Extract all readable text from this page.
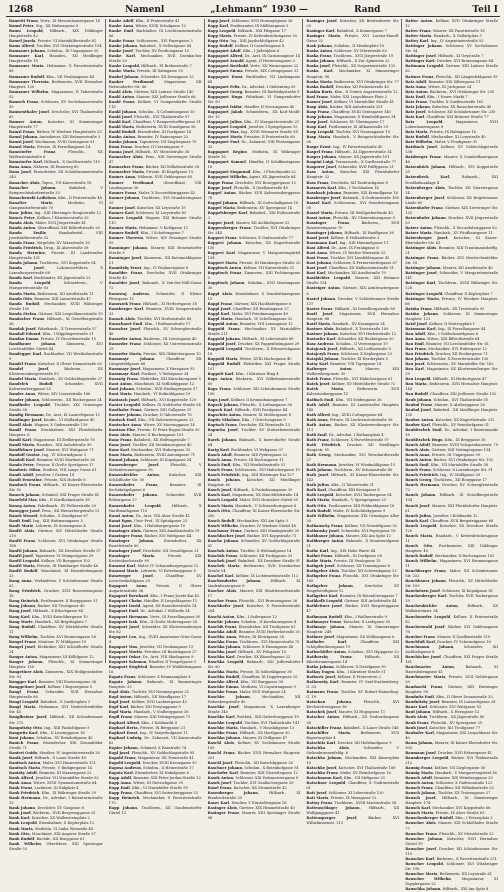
1268	Namenl	„Lehmann“ 1930 —	Rand	Teil I

Rametti Franz, Vertr., XI Messenhausergasse 14

Ramsl Peter, Stg., XX Hafnergasse 9

Ramu Leopold, Hilfsarb., XIX Döblinger Hauptstraße 82

Ramel Josefa, Private, VI Mariahilferstraße 61

Rams Alfred, Tischler, XVI Ottakringerstraße 104

Ramsauer Johann, Schuhm., III Ungargasse 35

Ramsauer Karl, Hausbes., XII Meidlinger Hauptstraße 18

Ramsauer Maria, Hebamme, X Favoritenstraße 88

Ramsauer Rudolf, Kfm., VII Neubaugasse 44

Ramsauer Theresia, Bedienerin, XVII Hernalser Hauptstr. 120

Ramsauer Wilhelm, Magazineur, II Taborstraße 52

Ramsch Franz, Schlosser, XV Sechshauserstraße 30

Ramsenthaler Josef, Drechsler, XVI Thaliastraße 62

Ramser Anton, Kutscher, XI Simmeringer Hauptstraße 77

Ramsl Franz, Bäcker, IV Wiedner Hauptstraße 25

Ramsl Johann, Amtsdiener, XXI Brünnerstraße 3

Ramsl Josef, Wachmann, XVIII Gentzgasse 91

Ramsl Maria, Private, IX Porzellangasse 14

Ramstorfer Franz, Fleischh., XX Wallensteinstraße 8

Ramstorfer Karl, Hilfsarb., X Quellenstraße 110

Rana Anna, Näherin, III Rennweg 60

Rana Josef, Eisendreher, XII Schönbrunnerstraße 240

Ranacher Alois, Tapez., VII Kaiserstraße 18

Ranacher Johann, Bahnbed., V Reinprechtsdorferstraße 33

Ranachowski Ladislaus, Kfm., II Praterstraße 48

Ranalter Marie, Modistin, VI Gumpendorferstraße 70

Ranc Julius, Ing., XIII Hietzinger Hauptstraße 12

Rancic Peter, Kellner, I Kärntnerstraße 29

Randa Alois, Maler, XVII Jörgerstraße 41

Randa Anton, Oberoffizial, XIX Billrothstraße 28

Randa Emilie, Handarbeitsl., VIII Josefstädterstraße 52

Randa Franz, Vergolder, XV Märzstraße 16

Randa Friedrich, Drog., IX Alserstraße 39

Randa Hermine, Private, III Landstraßer Hauptstraße 101

Randa Johann, Tischlerm., XVI Koppstraße 54

Randa Josef, Lokomotivführer, X Laxenburgerstraße 68

Randa Karl, Buchbinder, XX Jägerstraße 22

Randa Leopold, Schneiderm., V Margaretenstraße 93

Randa Maria, Bedienerin, XII Arndtstraße 11

Randa Otto, Beamter, XIII Lainzerstraße 47

Randa Rudolf, Mechaniker, XVIII Währinger Straße 150

Randa Stefan, Gärtner, XXI Leopoldauerstraße 19

Randacher Franz, Hilfsarb., XI Geiselbergstraße 36

Randak Josef, Fabriksarb., X Triesterstraße 57

Randall Eduard, Kfm., I Wipplingerstraße 21

Randau Emma, Private, IV Favoritenstraße 15

Randbauer Johann, Zimmerm., XVI Lerchenfelder Gürtel 44

Randegger Karl, Buchhalter, VII Westbahnstraße 9

Randel Franz, Kutscher, II Obere Donaustraße 63

Randel Josef, Bäckerm., XX Klosterneuburgerstraße 80

Randel Maria, Handarb., XV Goldschlagstraße 27

Randeleh Rudolf, Schneider, XVII Kalvarienberggasse 33

Rander Anna, Witwe, XIV Linzerstraße 166

Rander Johann, Schlosserm., XII Ruckergasse 24

Randhofer Leopold, Tischler, XIX Grinzinger Straße 58

Randig Hermann, Dr., Arzt, IX Lazarettgasse 12

Randinger Josef, Kaufm., VI Mollardgasse 40

Randl Alois, Wagner, X Gudrunstraße 139

Randl Franz, Eisenbahner, XXI Floridsdorfer Hauptstr. 6

Randl Karl, Magazineur, III Erdbergstraße 78

Randl Maria, Hausbes., XIII Auhofstraße 90

Randlehner Josef, Maurer, XVI Wattgasse 71

Randolf Gustav, Ing., IV Schwindgasse 3

Randoll Karl, Beamter, XVIII Martinstraße 26

Rando Peter, Friseur, II Große Sperlgasse 17

Randovic Milan, Student, VIII Lange Gasse 61

Randt Adolf, Juwelier, I Graben 14

Randt Ernestine, Private, XIX Hofzeile 8

Randuch Franz, Hilfsarb., XI Kaiser-Ebersdorfer Str. 92

Ranech Johann, Schmied, XXI Prager Straße 45

Ranefeld Max, Kfm., II Nordbahnstraße 38

Raneg Anton, Fabriksarb., XV Felberstraße 20

Ranegger Josef, Pens., XII Wienerbergstraße 13

Ranek Wenzel, Schuhm., X Davidgasse 67

Ranft Emil, Ing., XIII Wattmanngasse 5

Ranft Marie, Lehrerin, IX Sensengasse 4

Ranftl Alois, Gärtner, XIV Hütteldorfer Straße 210

Ranftl Franz, Schlosser, XVI Ottakringer Straße 188

Ranftl Johann, Bahnarb., XX Dresdner Straße 57

Ranftl Josef, Tapezierer, VI Stumpergasse 29

Ranftl Leopold, Kellner, VII Burggasse 102

Ranftl Maria, Private, III Hainburger Straße 46

Ranftl Rudolf, Maschinist, XI Hasenleitengasse 23

Rang Anna, Verkäuferin, V Schönbrunner Straße 62

Rang Friedrich, Drucker, XVII Rosensteingasse 18

Rang Heinrich, Postbeamter, II Rueppgasse 31

Rang Johann, Bäcker, XII Tivoligasse 40

Rang Josef, Hilfsarb., X Erlachgasse 84

Rang Karl, Kfm., XVIII Kutschkergasse 10

Rang Marie, Handarb., XX Brigittaplatz 7

Rang Rudolf, Chauffeur, XV Hütteldorfer Straße 11

Rang Wilhelm, Tischler, XVI Brunnengasse 58

Rangel Franz, Monteur, IV Mühlgasse 19

Rangel Josef, Elektriker, XXI Schloßhofer Straße 24

Ranger Anton, Magazineur, III Kölblgasse 12

Ranger Johann, Fleischh., XI Simmeringer Hauptstr. 150

Rangetiner Alois, Zimmerm., XIX Heiligenstädter Str. 93

Rangger Karl, Beamter, VIII Piaristengasse 36

Ranggetiner Josef, Kellner, I Bognergasse 5

Rangl Franz, Schneider, XVII Hernalser Hauptstraße 66

Rangl Leopold, Bahnbed., X Quellenplatz 3

Rangl Maria, Hebamme, XVI Neulerchenfelder Str. 45

Ranglheiner Josef, Hilfsarb., XII Schönbrunner Str. 272

Rangnitzky Otto, Ing., XIII Fasholdgasse 9

Rangwitz Karl, Kfm., II Lessinggasse 16

Rani Johann, Schuhm., XV Reindorfgasse 40

Ranich Franz, Eisendreher, XXI Donaufelder Straße 71

Ranieri Guido, Musiker, IV Argentinierstraße 28

Ranik Josef, Hilfsarb., X Laaer Straße 49

Ranitsch Anton, Maler, XVI Hasnerstraße 121

Ranitsch Maria, Private, V Rüdigergasse 14

Ranizky Adolf, Beamter, III Marxergasse 22

Rank Alfred, Juwelier, VII Mariahilfer Straße 82

Rank Anna, Witwe, XVIII Gymnasiumstraße 64

Rank Franz, Lackierer, XI Enkplatz 4

Rank Friedrich, Kfm., IX Währinger Straße 29

Rank Hermann, Dr., Advokat, I Rotenturmstraße 13

Rank Johann, Drechsler, XV Gasgasse 8

Rank Josef, Bäckerm., XVII Bergsteiggasse 25

Rank Karl, Kutscher, XX Wallensteinplatz 2

Rank Leopold, Eisenbahner, X Keplerplatz 12

Rank Maria, Modistin, VI Linke Wienzeile 48

Rank Otto, Maschinist, XXI Angerer Straße 37

Rank Rudolf, Buchdr., XII Bonygasse 61

Rank Wilhelm, Oberlehrer, XIII Speisinger Straße 53

Ranke Adolf, Kfm., II Praterstraße 41

Ranke Anna, Witwe, XVIII Schulgasse 12

Ranke Emil, Buchhalter, IX Liechtensteinstraße 66

Ranke Franz, Schlosserm., XVI Payergasse 3

Ranke Johann, Bahnbed., X Gellertgasse 44

Ranke Josef, Tischler, XV Pouthongasse 10

Ranke Karl, Mechaniker, XVII Dornbacher Straße 29

Ranke Leopold, Hilfsarb., XI Brehmstraße 7

Ranke Maria, Private, III Salmgasse 20

Rankel Johann, Schneider, XX Denisgasse 33

Ranker Ferdinand, Magazineur, XII Hetzendorfer Str. 86

Rankl Alois, Gärtner, XIII Lainzer Straße 140

Rankl Anton, Maurer, XXI Jedleseer Straße 66

Rankl Franz, Kellner, VI Gumpendorfer Straße 118

Rankl Johann, Schuhm., X Columbusgasse 50

Rankl Josef, Fleischh., XVI Thaliastraße 97

Rankl Karl, Chauffeur, V Ramperstorffergasse 31

Rankl Maria, Bedienerin, XVIII Staudgasse 56

Rankl Rudolf, Eisendreher, XI Dorfgasse 14

Ranko Anton, Beamter, IV Rainergasse 22

Ranko Johann, Tapezierer, VII Zieglergasse 70

Rann Franz, Drucker, II Czerningasse 9

Ranna Josef, Hilfsarb., XV Meiselstraße 38

Rannacher Alois, Pens., XIX Sieveringer Straße 47

Rannacher Franz, Bäcker, XII Wilhelmstraße 28

Rannacher Maria, Private, III Kegelgasse 15

Ranner Anna, Näherin, XVII Geblergasse 60

Ranner Ferdinand, Oberoffizial, VIII Laudongasse 26

Ranner Franz, Maler, X Siccardsburggasse 42

Ranner Johann, Tischlerm., XVI Grundsteingasse 35

Ranner Josef, Kutscher, XX Leystraße 19

Ranner Karl, Schlosser, XI Lorystraße 83

Ranner Leopold, Wagner, XXI Brünner Straße 110

Ranner Maria, Hebamme, V Kohlgasse 13

Ranner Rudolf, Kfm., I Schottengasse 7

Ranner Theresia, Witwe, XIV Penzinger Straße 55

Ranninger Johann, Maurer, XIII Hetzendorfer Straße 9

Ranninger Josef, Zimmerm., XII Rotenmühlgasse 21

Rannitzky Ernst, Ing., IV Paulanergasse 6

Ranolder Franz, Drechsler, XVII Ottakringer Straße 40

Ranolder Josef, Bahnarb., X Van-der-Nüll-Gasse 72

Ranostaj Andreas, Schneider, II Kleine Pfarrgasse 11

Ranoszek Franz, Hilfsarb., XI Herbortgasse 18

Ransberger Karl, Beamter, XVIII Semperstraße 33

Ransch Alois, Tischler, XVI Herbststraße 88

Ranschaert Emil, Kfm., I Rathausstraße 17

Ranscher Josef, Fleischh., XV Schweglerstraße 46

Ranseder Anton, Bäckerm., III Löwengasse 40

Ranseder Franz, Schlosser, XX Universumstraße 29

Ranseder Maria, Private, XIX Obkirchergasse 10

Ransmayr Johann, Chauffeur, XII Längenfeldgasse 68

Ransmayr Josef, Magazineur, X Herzgasse 92

Ransmayr Karl, Postbed., V Wehrgasse 24

Ransnig Franz, Elektriker, XXI Kürschnergasse 5

Rant Anton, Maschinist, XI Sedlitzkygasse 12

Rant Johann, Schuhm., XVII Haslingergasse 37

Rant Maria, Handarb., VI Hofmühlgasse 19

Rantasch Josef, Hilfsarb., XVI Koppstraße 120

Ranter Leopold, Kellner, IX Nußdorfer Straße 54

Ranthaler Franz, Gärtner, XIII Gallgasse 31

Rantner Johann, Drucker, II Taborstraße 76

Rantsch Emil, Kfm., VII Siebensterngasse 22

Rantscher Anna, Witwe, XV Moeringgasse 14

Rantzau Else, Private, IV Prinz-Eugen-Straße 30

Ranz Alois, Maurer, X Buchengasse 101

Ranz Franz, Bahnbed., XX Hellwagstraße 7

Ranz Josef, Tischler, XII Steinbauergasse 40

Ranz Karl, Mechaniker, XVI Hubergasse 33

Ranz Maria, Bedienerin, XVIII Antonigasse 71

Ranzal Johann, Schlosser, XI Kopalgasse 24

Ranzenberger Josef, Fleischh., V Siebenbrunnengasse 58

Ranzenbichler Anton, Kutscher, XXI Schloßhofer Str. 50

Ranzenhofer Franz, Beamter, III Sechskrügelgasse 6

Ranzenhofer Johann, Schneider, XVII Rötzergasse 27

Ranzenhofer Leopold, Hilfsarb., X Hardtmuthgasse 115

Ranzi Anton, Dr., Arzt, VIII Alser Straße 41

Ranzi Egon, Univ.-Prof., IX Spitalgasse 23

Ranzi Josef, Kfm., I Habsburgergasse 10

Ranzinger Alois, Gärtner, XIII Amalienstraße 19

Ranzinger Franz, Bäcker, XVI Wattgasse 44

Ranzinger Johann, Eisendreher, XX Pasettistraße 60

Ranzinger Josef, Drechsler, XII Oswaldgasse 21

Ranzinger Maria, Private, XIX Krottenbachstraße 90

Ranzoni Karl, Maler, IV Schaumburgergasse 12

Ranzoni Marie, Lehrerin, VI Esterhazygasse 8

Ranzweger Josef, Chauffeur, XV Loeschenkohlgasse 29

Rapaport Anna, Private, II Obere Augartenstraße 36

Rapaport Bernhard, Kfm., I Franz-Josefs-Kai 43

Rapaport Chaim, Händler, II Leopoldsgasse 11

Rapaport David, Agent, XX Rauscherstraße 14

Rapaport Emil, Dr., Advokat, I Wollzeile 24

Rapaport Hermann, Vertr., IX Porzellangasse 50

Rapaport Isak, Kfm., II Große Mohrengasse 28

Rapaport Josef, Schneider, XX Klosterneuburger Str. 62

Rapaport Leo, Ing., XVIII Anastasius-Grün-Gasse 4

Rapaport Max, Juwelier, VII Neubaugasse 19

Rapaport Moritz, Privatier, III Beatrixgasse 27

Rapaport Oskar, Dr., Arzt, VIII Skodagasse 9

Rapaport Salomon, Händler, II Tempelgasse 5

Rapaport Siegfried, Beamter, IV Wohllebengasse 16

Rapatz Franz, Schlosser, X Reumannplatz 8

Rapatz Johann, Bahnarb., XI Simmeringer Hauptstr. 33

Rapf Alois, Tischler, XVI Neumayrgasse 25

Rapf Anton, Hilfsarb., XII Mandlgasse 17

Rapf Josef, Kellner, XVII Lacknergasse 43

Rapf Karl, Bäcker, XXI Freytaggasse 9

Rapf Maria, Handarb., V Stolberggasse 36

Rapfl Franz, Maurer, XIII Veitingergasse 71

Raphael Alfred, Kfm., I Kohlmarkt 8

Raphael Berta, Private, IX Berggasse 21

Raphael Ernst, Ing., IV Mayerhofgasse 11

Raphael Ludwig, Dr., Zahnarzt, VII Kaiserstraße 62

Rapier Johann, Schmied, X Raxstraße 74

Rapl Josef, Fleischh., XV Goldschlagstraße 95

Rapold Franz, Magazineur, XX Treustraße 41

Rapold Leopold, Drucker, XVIII Kreuzgasse 30

Raposz Andreas, Schuhm., II Heinestraße 17

Rapotz Karl, Eisendreher, XI Hakelgasse 6

Rapp Adolf, Beamter, XIX Peter-Jordan-Straße 12

Rapp Anna, Witwe, III Dietrichgasse 39

Rapp Emil, Kfm., VI Mariahilfer Straße 99

Rapp Franz, Chauffeur, XVI Seitenberggasse 52

Rapp Heinrich, Mechaniker, X Favoritenstraße 170

Rapp Johann, Tischlerm., XII Gaudenzdorfer Gürtel 13

Rapp Josef, Schlosser, XVII Hormayrgasse 28

Rapp Karl, Postbeamter, IX Müllnergasse 5

Rapp Leopold, Hilfsarb., XXI Pilzgasse 17

Rapp Maria, Private, IV Kettenbrückengasse 20

Rapp Otto, Ing., XIII Jagdschloßgasse 42

Rapp Rudolf, Kellner, II Castellezgasse 8

Rappaport Adolf, Kfm., I Judenplatz 6

Rappaport Alfred, Dr., Arzt, IX Garnisongasse 14

Rappaport Arnold, Agent, II Herminengasse 3

Rappaport Berthold, Vertr., XX Wasnergasse 22

Rappaport Emma, Private, XIX Cottagegasse 31

Rappaport Ernst, Buchhalter, VII Lindengasse 48

Rappaport Felix, Dr., Advokat, I Stubenring 20

Rappaport Georg, Beamter, III Radetzkystraße 9

Rappaport Hugo, Fabrikant, VI Gumpendorfer Str. 50

Rappaport Isidor, Händler, II Novaragasse 40

Rappaport Jakob, Schneiderm., XX Karl-Meißl-Str. 13

Rappaport Julius, Kfm., IV Margaretenstraße 21

Rappaport Leopold, Juwelier, I Spiegelgasse 15

Rappaport Max, Ing., XVIII Weimarer Straße 58

Rappaport Moriz, Privatier, II Praterstraße 60

Rappaport Paul, Dr., Zahnarzt, VIII Florianigasse 33

Rappaport Regine, Modistin, IX Währinger Straße 16

Rappaport Samuel, Händler, II Schiffamtsgasse 18

Rappaport Siegmund, Kfm., I Fleischmarkt 22

Rappaport Wilhelm, Agent, XX Jägerstraße 64

Rappe Franz, Drechsler, XVI Roseggergasse 12

Rappe Josef, Fleischh., X Quellenstraße 40

Rappel Anton, Bäcker, XVII Kalvarienberggasse 78

Rappel Johann, Hilfsarb., XI Gottschalkgasse 10

Rappel Maria, Bedienerin, XV Sperrgasse 14

Rappelsberger Karl, Bahnbed., XXI Fultonstraße 3

Rapper Josef, Maurer, XII Aichholzgasse 52

Rappersberger Franz, Tischler, XVI Ottakringer Str. 244

Rappert Franz, Schlosser, X Gudrunstraße 77

Rappert Johann, Kutscher, XX Engerthstraße 150

Rappert Karl, Magazineur, V Margaretengürtel 104

Rappert Maria, Private, III Hainburger Straße 20

Rappitsch Anton, Kellner, VII Kaiserstraße 21

Rappitsch Franz, Zimmerm., XIII Fichtnergasse 9

Rappitsch Johann, Schuhm., XVII Mariengasse 30

Rappl Alois, Eisenbahner, X Sonnleithnergasse 15

Rappl Franz, Gärtner, XIX Hackhofergasse 6

Rappl Josef, Chauffeur, XII Rosaliagasse 27

Rappl Karl, Maler, XVI Friedmanngasse 49

Rappl Maria, Handarb., IV Schelleingasse 32

Rappold Anton, Beamter, VIII Lenaugasse 12

Rappold Franz, Mechaniker, XV Mariahilfer Straße 211

Rappold Johann, Hilfsarb., XI Leberstraße 68

Rappold Josef, Drucker, XX Pappenheimgasse 29

Rappold Leopold, Tischlerm., X Ettenreichgasse 18

Rappold Maria, Witwe, XVIII Hockegasse 40

Rappold Rudolf, Elektriker, XXI Prager Straße 101

Rappolt Karl, Kfm., I Kärntner Ring 4

Raps Anton, Bäckerm., XVI Wilhelminenstraße 60

Raps Franz, Schlosser, XII Schönbrunner Straße 190

Raps Josef, Kellner, II Krummbaumgasse 7

Rapsch Johann, Fleischh., X Leibnizgasse 56

Rapsch Karl, Hilfsarb., XVII Pezzlgasse 44

Rapschitz Anton, Maurer, XI Molitorgasse 8

Raptis Nikolaus, Kfm., I Griechengasse 9

Raptsch Franz, Drechsler, XX Wexstraße 13

Rapucha Josef, Tischler, XV Stutterheimstraße 24

Rarek Johann, Bahnarb., X Inzersdorfer Straße 64

Rarig Karl, Buchbinder, VI Webgasse 37

Rasch Adolf, Beamter, XIX Pyrkergasse 22

Rasch Anna, Private, III Rochusgasse 11

Rasch Emil, Kfm., VII Westbahnstraße 51

Rasch Franz, Schlosserm., XVI Habichergasse 19

Rasch Friedrich, Ing., XIII Hietzinger Kai 127

Rasch Johann, Kutscher, XII Meidlinger Hauptstr. 60

Rasch Josef, Hilfsarb., X Puchsbaumgasse 30

Rasch Karl, Magazineur, XX Marchfeldstraße 14

Rasch Leopold, Maler, XVII Hernalser Gürtel 39

Rasch Maria, Handarb., V Schwarzhorngasse 6

Rasch Otto, Chauffeur, XI Kaiser-Ebersdorfer Str. 200

Rasch Rudolf, Mechaniker, XXI Am Spitz 3

Rasch Wilhelm, Drucker, IV Wiedner Gürtel 48

Raschauer Franz, Gärtner, XIII Maxingstraße 30

Raschbacher Josef, Bäcker, XVI Koppstraße 71

Rasche Johann, Schneider, XV Goldschlagstraße 61

Raschek Anton, Tischler, X Wielandgasse 14

Raschek Franz, Schlosser, XII Fockygasse 33

Raschek Josef, Bahnbed., XX Dresdner Straße 91

Raschek Maria, Bedienerin, XVII Dornbacher Straße 54

Raschel Karl, Kellner, IX Lichtensteinstraße 112

Raschendorfer Johann, Hilfsarb., XI Lindenbauergasse 8

Rascher Alois, Maurer, XXI Shuttleworthstraße 17

Rascher Franz, Fleischh., XVI Brunnengasse 26

Raschhofer Josef, Kutscher, X Favoritenstraße 204

Raschi Anton, Kfm., I Seilergasse 12

Raschic Johann, Schuhm., II Kurzbauergasse 4

Raschik Franz, Eisendreher, XII Tivoligasse 61

Raschka Adolf, Beamter, XVIII Herbeckstraße 20

Raschka Anna, Witwe, III Kleistgasse 28

Raschka Franz, Tischlerm., XVI Hasnerstraße 75

Raschka Johann, Schlosser, X Hasengasse 48

Raschka Josef, Hilfsarb., XV Pelzgasse 15

Raschka Karl, Drucker, XX Bäuerlegasse 22

Raschka Leopold, Bahnarb., XXI Jedlersdorfer Str. 80

Raschka Maria, Private, IX Sobieskigasse 36

Raschka Rudolf, Chauffeur, XI Dopplergasse 10

Raschke Alfred, Kfm., VII Burggasse 38

Raschke Emma, Modistin, VI Capistrangasse 9

Raschke Franz, Maler, XVII Wattgasse 24

Raschke Johann, Mechaniker, XII Hohenbergstraße 40

Raschke Josef, Magazineur, X Laxenburger Straße 140

Raschke Karl, Postbed., XIX Gatterburggasse 19

Raschke Leopold, Tischler, XVI Thaliastraße 141

Raschke Maria, Handarb., V Hauslabgasse 13

Raschko Franz, Hilfsarb., XX Hartlgasse 30

Raschko Johann, Maurer, XI Grillgasse 47

Raschl Alois, Kellner, XV Sechshauser Straße 100

Raschl Franz, Bäcker, XVII Hernalser Hauptstr. 201

Raschl Josef, Fleischh., XII Ratschkygasse 26

Raschner Johann, Schuhm., X Rotenhofgasse 81

Raschofer Karl, Beamter, XIII Gloriettegasse 12

Rasek Anton, Schlosser, XXI Holzmeistergasse 8

Rasek Josef, Tischler, XVI Gaullachergasse 39

Rasel Franz, Kutscher, XX Stromstraße 43

Rasenberger Johann, Hilfsarb., XI Rinnböckstraße 25

Raser Karl, Drucker, V Einsiedlergasse 18

Rasinger Alois, Gärtner, XIX Himmelstraße 40

Rasinger Franz, Maurer, XIII Speisinger Straße 98

Rasinger Josef, Kutscher, XII Breitenfurter Str. 20

Rasinger Karl, Bahnbed., X Kennergasse 7

Rasinger Maria, Private, XVI Lorenz-Mandl-Gasse 33

Rask Johann, Schuhm., II Mexikoplatz 10

Raska Anton, Schlosser, XV Märzstraße 82

Raska Franz, Tischlerm., XVII Jörgerstraße 19

Raska Johann, Hilfsarb., X Zur Spinnerin 22

Raska Josef, Fleischh., XX Vorgartenstraße 133

Raska Karl, Mechaniker, XI Simmeringer Hauptstr. 98

Raska Maria, Bedienerin, XVI Ottakringer Str. 77

Raska Rudolf, Drucker, XII Eichenstraße 43

Raskin Boris, Kfm., II Untere Augartenstraße 12

Rasl Franz, Maler, XXI Leopoldauer Platz 2

Rasner Josef, Kellner, VI Mariahilfer Straße 41

Rasp Alois, Bäcker, XIII Auhofstraße 201

Rasp Franz, Chauffeur, XVIII Gentzgasse 140

Rasp Johann, Magazineur, X Humboldtgasse 34

Rasp Josef, Schlosser, XV Ölweingasse 17

Rasp Karl, Postbeamter, IX Althanstraße 29

Rasp Leopold, Tischler, XVI Nauseagasse 10

Rasp Maria, Handarb., V Reinprechtsdorfer Str. 56

Raspe Ernst, Ing., IV Favoritenstraße 40

Raspel Franz, Hilfsarb., XI Zippererstraße 14

Rasper Johann, Maurer, XX Jägerstraße 101

Raspini Luigi, Terrazzoarb., X Quellenstraße 77

Rasporer Josef, Schneider, XVII Palffygasse 21

Rass Anton, Kutscher, XXI Floridsdorfer Hauptstr. 32

Rass Franz, Drechsler, XII Tanbruckgasse 8

Rassaerts Karl, Kfm., I Tuchlauben 14

Rassbach Johann, Beamter, XIX Kreindlgasse 16

Rassberger Josef, Bahnarb., X Gudrunstraße 180

Rassel Karl, Schlosserm., XVI Grundsteingasse 58

Rassel Maria, Private, III Weißgerberlände 40

Rassi Anton, Fleischh., XV Clementinengasse 9

Rassinger Franz, Bäckerm., XVII Rosensteingasse 70

Rassinger Johann, Hilfsarb., XI Hauffgasse 36

Rassl Josef, Kellner, II Hollandstraße 3

Rassmann Karl, Ing., XIII Hummelgasse 11

Rast Alfred, Dr., Arzt, IX Frankgasse 6

Rast Anna, Witwe, IV Rechte Wienzeile 25

Rast Franz, Tischler, XVI Lienfeldergasse 42

Rast Johann, Schlosser, X Pernerstorfergasse 67

Rast Josef, Chauffeur, XX Wallensteinstraße 51

Rast Karl, Mechaniker, XII Arndtstraße 79

Rastbichler Leopold, Maurer, XXI Brünner Straße 154

Rasteiger Anton, Gärtner, XIX Armbrustergasse 8

Rastel Johann, Drucker, V Schönbrunner Straße 137

Raster Franz, Hilfsarb., XI Geiselbergstraße 80

Rastl Josef, Magazineur, XVII Hernalser Hauptstr. 88

Rastl Maria, Handarb., XV Kranzgasse 24

Rastner Alois, Bahnbed., X Troststraße 109

Rastner Johann, Kutscher, XVI Herbststraße 12

Rastorfer Karl, Schneider, XII Ruckergasse 50

Rasz Andreas, Schuhm., II Vereinsgasse 19

Ratajczak Josef, Hilfsarb., XX Leithastraße 8

Ratajczyk Franz, Schlosser, X Keplergasse 23

Ratajski Johann, Tischler, XI Herderplatz 5

Ratay Karl, Beamter, VIII Tigergasse 14

Ratberger Anton, Maurer, XIII Wolkersbergenstr. 30

Ratek Franz, Fleischh., XVI Habichergasse 61

Ratek Josef, Kellner, XV Hütteldorfer Straße 72

Ratek Maria, Bedienerin, XVII Kalvarienberggasse 15

Ratfisch Emil, Kfm., VII Seidengasse 26

Rath Adolf, Beamter, III Landstraßer Hauptstr. 148

Rath Alfred, Ing., XVIII Cottagegasse 64

Rath Anna, Private, IX Liechtensteinstraße 38

Rath Anton, Bäcker, XX Klosterneuburger Str. 111

Rath Emil, Dr., Advokat, I Rathausplatz 4

Rath Franz, Schlosser, X Favoritenstraße 97

Rath Friedrich, Drucker, XII Meidlinger Hauptstr. 91

Rath Georg, Mechaniker, XVI Wernhardtstraße 27

Rath Hermann, Juwelier, VI Windmühlgasse 15

Rath Johann, Tischlerm., XV Schanzstraße 40

Rath Josef, Hilfsarb., XI Kaiser-Ebersdorfer Str. 143

Rath Julius, Kfm., II Taborstraße 31

Rath Karl, Chauffeur, XXI Kretzgasse 6

Rath Leopold, Kutscher, XVII Taubergasse 54

Rath Maria, Handarb., V Spengergasse 23

Rath Otto, Postbeamter, XIII Feldmühlgasse 18

Rath Rudolf, Maler, IV Kolschitzkygasse 9

Rath Wilhelm, Magazineur, XIX Grinzinger Allee 30

Rathauscky Franz, Kellner, VII Neustiftgasse 92

Rathausky Josef, Schneider, XVI Payergasse 18

Rathbauer Johann, Maurer, XXI Am Spitz 12

Rathberger Anton, Bahnarb., X Sonnwendgasse 21

Rathe Karl, Ing., XIX Hohe Warte 44

Rathei Franz, Hilfsarb., XI Dorfgasse 60

Rathe Maria, Private, III Strohgasse 15

Rathgeb Josef, Schlosser, XX Traisengasse 8

Rathgeber Alois, Tischler, XII Schwenkgasse 33

Rathgeber Franz, Fleischh., XVI Ottakringer Str. 160

Rathgeber Johann, Drechsler, XV Dingelstedtgasse 12

Rathgeber Karl, Beamter, IX Rotenlöwengasse 7

Rathkolb Leopold, Gärtner, XIII Auhofstraße 44

Rathleitner Josef, Bäcker, XVII Bergsteiggasse 47

Rathmann Rudolf, Kfm., I Wallnerstraße 9

Rathmayer Franz, Kutscher, X Leebgasse 55

Rathmayr Johann, Maurer, XI Simmeringer Hauptstr. 248

Rathner Josef, Magazineur, XX Wolfsaugasse 6

Rathofer Karl, Chauffeur, XXI Schöpfleuthnergasse 19

Rathschüller Anton, Schuhm., XVI Hippgasse 22

Ratiborsky Franz, Hilfsarb., XII Eibesbrunnergasse 14

Ratka Johann, Schlosser, X Davidgasse 90

Ratkay Eugen, Kfm., I Kärntner Straße 51

Ratkovic Josef, Kellner, II Praterstern 2

Ratkowsky Karl, Beamter, IV Graf-Starhemberg-G. 33

Ratmann Franz, Tischler, XV Robert-Hamerling-G. 19

Ratschan Johann, Fleischh., XVI Kirchstetterngasse 36

Ratschek Josef, Maurer, XI Hugogasse 11

Ratscher Anton, Hilfsarb., XX Gerhardusgasse 28

Ratschiller Franz, Bahnbed., X Laaer Straße 146

Ratschiller Maria, Bedienerin, XVII Rupertusplatz 4

Ratschitz Karl, Drucker, XII Hufelandgasse 9

Ratschka Alois, Schneider, V Siebenbrunnenfeldg. 6

Ratschka Johann, Mechaniker, XXI Kinzerplatz 10

Ratschke Josef, Kutscher, XVI Thaliastraße 188

Ratschko Franz, Maler, XV Reindorfgasse 16

Ratschmann Karl, Kfm., VII Stiftgasse 21

Ratschner Leopold, Chauffeur, X Gudrunstraße 61

Ratt Josef, Schlosser, XI Leberstraße 120

Ratt Maria, Private, IX Wasagasse 12

Rattay Franz, Tischlerm., XVIII Martinstraße 58

Rattenschlager Johann, Hilfsarb., XII Wolfganggasse 41

Rattensperger Josef, Bäcker, XVI Wilhelminenstr. 113

Ratter Anton, Kellner, XVII Ottakringer Straße 12

Ratter Franz, Maurer, XX Pasettistraße 18

Ratter Maria, Handarb., X Gellertplatz 3

Rattey Karl, Ing., IV Argentinierstraße 55

Rattinger Johann, Schlosser, XV Sechshauser Str. 54

Rattinger Josef, Hilfsarb., XI Geystraße 7

Rattinger Karl, Drucker, XVI Brunnengasse 84

Rattmann Leopold, Gärtner, XIII Lainzer Straße 82

Rattner Franz, Fleischh., XII Längenfeldgasse 39

Ratz Adolf, Beamter, XIX Silbergasse 11

Ratz Anna, Witwe, III Juchgasse 24

Ratz Anton, Bäckerm., XVI Ottakringer Str. 230

Ratz Emil, Kfm., I Neuer Markt 7

Ratz Franz, Tischler, X Quellenstraße 162

Ratz Johann, Kutscher, XX Rauscherstraße 45

Ratz Josef, Schlosser, XII Schönbrunner Str. 230

Ratz Karl, Chauffeur, XXI Brünner Straße 77

Ratz Leopold, Magazineur, XVII Lobenhauerngasse 9

Ratz Maria, Private, IX Hahngasse 16

Ratz Rudolf, Mechaniker, XI Lorystraße 40

Ratz Wilhelm, Maler, V Fendigasse 31

Ratzbach Josef, Kellner, XV Goldschlagstraße 138

Ratzberger Franz, Maurer, X Sonnleithnergasse 48

Ratzenböck Johann, Hilfsarb., XVI Koppstraße 29

Ratzenbeck Karl, Bahnarb., XXI Nordbahnanlage 4

Ratzenberger Alois, Tischler, XII Gierstergasse 14

Ratzenberger Josef, Schlosser, XX Brigittenauer Lände 60

Ratzenhofer Franz, Gärtner, XIX Sieveringer Str. 132

Ratzenhofer Johann, Drucker, XVII Jörgerstraße 53

Ratzer Anton, Fleischh., X Siccardsburggasse 82

Ratzer Maria, Handarb., XV Fünfhausgasse 11

Ratzesberger Josef, Kutscher, XI Kaiser-Ebersdorfer Str. 61

Ratzinger Alois, Beamter, XIII Trauttmansdorffg. 21

Ratzinger Franz, Bäcker, XVI Neulerchenfelder Str. 18

Ratzinger Johann, Maurer, XII Arndtstraße 40

Ratzinger Josef, Schneider, V Margaretenstraße 141

Ratzinger Karl, Tischlerm., XVIII Währinger Str. 128

Ratzinger Leopold, Chauffeur, X Keplerplatz 7

Ratzinger Maria, Private, IV Wiedner Hauptstr. 66

Ratzka Franz, Hilfsarb., XX Treustraße 92

Ratzko Johann, Schlosser, XI Simmeringer Hauptstr. 121

Ratzl Josef, Kellner, II Nestroyplatz 1

Ratzmann Karl, Ing., IX Porzellangasse 44

Rau Adolf, Kfm., I Goldschmiedgasse 6

Rau Anna, Witwe, XIX Billrothstraße 64

Rau Emil, Beamter, VII Lerchenfelder Str. 61

Rau Franz, Mechaniker, XVI Hubergasse 12

Rau Friedrich, Drucker, XII Ruckergasse 71

Rau Johann, Tischler, X Favoritenstraße 130

Rau Josef, Schlosserm., XV Mariahilfer Str. 162

Rau Karl, Magazineur, XX Klosterneuburger Str. 39

Rau Leopold, Hilfsarb., XI Herbortgasse 47

Rau Maria, Bedienerin, XVII Hernalser Hauptstr. 144

Rau Rudolf, Chauffeur, XXI Jedleseer Straße 102

Raub Johann, Schuhm., XVI Thaliastraße 55

Raubal Franz, Maurer, X Absberggasse 26

Raubal Josef, Bahnbed., XII Meidlinger Hauptstr. 130

Rauber Anton, Kutscher, XX Engerthstraße 212

Rauber Karl, Fleischh., XV Reindorfgasse 31

Raubitschek Emil, Dr., Advokat, I Bauernmarkt 18

Raubitschek Hugo, Kfm., IX Berggasse 38

Rauch Adolf, Beamter, XVIII Schopenhauerstr. 79

Rauch Alois, Gärtner, XIII Veitingergasse 134

Rauch Anna, Private, III Ungargasse 59

Rauch Anton, Bäcker, XVI Ottakringer Str. 102

Rauch Emil, Kfm., VII Mariahilfer Straße 58

Rauch Franz, Schlosser, X Laxenburger Str. 91

Rauch Friedrich, Ing., IV Mühlgasse 29

Rauch Georg, Tischlerm., XII Bonygasse 17

Rauch Hermann, Drucker, XV Schweglerstraße 72

Rauch Johann, Hilfsarb., XI Geiselbergstraße 104

Rauch Josef, Maurer, XXI Floridsdorfer Hauptstr. 61

Rauch Julius, Juwelier, I Kohlmarkt 12

Rauch Karl, Chauffeur, XVII Bergsteiggasse 66

Rauch Leopold, Kutscher, XX Dresdner Straße 120

Rauch Maria, Handarb., V Kettenbrückengasse 11

Rauch Otto, Postbeamter, XIX Döblinger Hauptstr. 40

Rauch Rudolf, Mechaniker, X Buchengasse 181

Rauch Wilhelm, Magazineur, XVI Brunnengasse 11

Rauchberger Franz, Maler, XII Schönbrunner Str. 252

Rauchbauer Johann, Fleischh., XV Hütteldorfer Str. 109

Raucheisen Josef, Schlosser, XI Kopalgasse 61

Rauchenberger Karl, Tischler, XVII Taubergasse 19

Rauchenbichler Anton, Hilfsarb., XX Wallensteinstr. 34

Raucheneder Leopold, Kellner, II Praterstraße 82

Rauchenwald Josef, Bäcker, XVI Gablenzgasse 78

Raucher Franz, Maurer, X Quellenstraße 210

Rauchfuß Karl, Drucker, IV Schwindgasse 16

Rauchmann Johann, Schneider, XII Aichholzgasse 8

Rauchöcker Josef, Chauffeur, XXI Prager Straße 161

Rauchwarter Anton, Bahnarb., XI Hasenleitengasse 41

Rauchwarter Maria, Private, XVII Geblergasse 29

Raudaschl Franz, Gärtner, XIII Hietzinger Hauptstr. 90

Raudnitz Emil, Kfm., II Obere Donaustraße 33

Raudnitzky Josef, Beamter, IX Lazarettgasse 28

Rauer Karl, Schlosser, XVI Wattgasse 92

Rauf Johann, Hilfsarb., X Herzgasse 12

Rauh Alois, Tischlerm., XX Jägerstraße 80

Rauh Franz, Fleischh., XV Sperrgasse 29

Rauh Josef, Kutscher, XII Tivoligasse 77

Rauhofer Karl, Magazineur, XXI Leopoldauer Str. 40

Raum Johann, Maurer, XI Kaiser-Ebersdorfer Str. 300

Raumann Josef, Drucker, XVII Rötzergasse 41

Raumberger Leopold, Bäcker, XVI Thaliastraße 212

Raunig Franz, Kellner, VII Zieglergasse 56

Raunig Maria, Handarb., V Margaretengürtel 56

Rausch Adolf, Beamter, XIX Weinberggasse 30

Rausch Anton, Schlosser, X Gudrunstraße 123

Rausch Franz, Chauffeur, XII Wilhelmstraße 62

Rausch Johann, Tischler, XX Traisengasse 27

Rausch Josef, Hilfsarb., XI Simmeringer Hauptstr. 174

Rausch Karl, Mechaniker, XVI Koppstraße 66

Rausch Maria, Private, IX Alser Straße 63

Rauschenberger Rudolf, Kfm., I Petersplatz 3

Rauscher Alois, Maurer, XXI Schloßhofer Straße 77

Rauscher Franz, Fleischh., XV Meiselstraße 52

Rauscher Johann, Kutscher, XVII Hernalser Gürtel 19

Rauscher Josef, Drucker, XII Schönbrunner Str. 110

Rauscher Karl, Bäckerm., X Favoritenstraße 231

Rauscher Leopold, Schlosser, XVI Ottakringer Str. 198

Rauscher Maria, Bedienerin, XX Leystraße 61

Rauscher Wilhelm, Magazineur, XI Dopplergasse 22

Rauschka Johann, Hilfsarb., XXI Am Spitz 8
